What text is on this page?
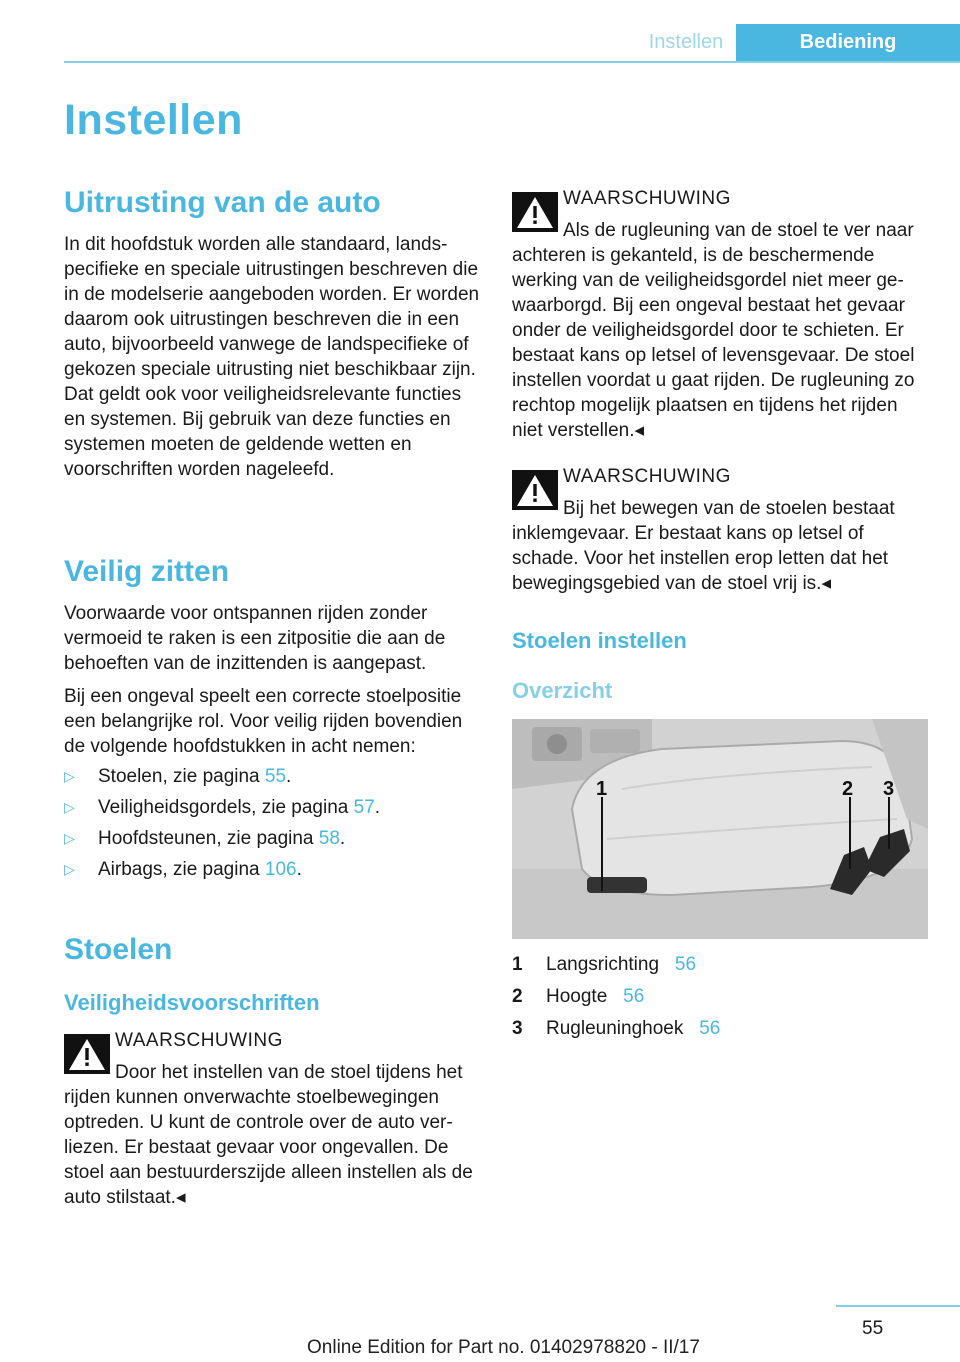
Instellen	Bediening
Instellen
Uitrusting van de auto

In dit hoofdstuk worden alle standaard, landspecifieke en speciale uitrustingen beschreven die in de modelserie aangeboden worden. Er worden daarom ook uitrustingen beschreven die in een auto, bijvoorbeeld vanwege de landspecifieke of gekozen speciale uitrusting niet beschikbaar zijn. Dat geldt ook voor veiligheidsrelevante functies en systemen. Bij gebruik van deze functies en systemen moeten de geldende wetten en voorschriften worden nageleefd.

Veilig zitten

Voorwaarde voor ontspannen rijden zonder vermoeid te raken is een zitpositie die aan de behoeften van de inzittenden is aangepast.

Bij een ongeval speelt een correcte stoelpositie een belangrijke rol. Voor veilig rijden bovendien de volgende hoofdstukken in acht nemen:

▷ Stoelen, zie pagina 55.
▷ Veiligheidsgordels, zie pagina 57.
▷ Hoofdsteunen, zie pagina 58.
▷ Airbags, zie pagina 106.
Stoelen
Veiligheidsvoorschriften
WAARSCHUWING

Door het instellen van de stoel tijdens het rijden kunnen onverwachte stoelbewegingen optreden. U kunt de controle over de auto verliezen. Er bestaat gevaar voor ongevallen. De stoel aan bestuurderszijde alleen instellen als de auto stilstaat.◂

WAARSCHUWING

Als de rugleuning van de stoel te ver naar achteren is gekanteld, is de beschermende werking van de veiligheidsgordel niet meer gewaarborgd. Bij een ongeval bestaat het gevaar onder de veiligheidsgordel door te schieten. Er bestaat kans op letsel of levensgevaar. De stoel instellen voordat u gaat rijden. De rugleuning zo rechtop mogelijk plaatsen en tijdens het rijden niet verstellen.◂

WAARSCHUWING

Bij het bewegen van de stoelen bestaat inklemgevaar. Er bestaat kans op letsel of schade. Voor het instellen erop letten dat het bewegingsgebied van de stoel vrij is.◂

Stoelen instellen
Overzicht
1	2 3
1 Langsrichting 56
2 Hoogte 56
3 Rugleuninghoek 56
55
Online Edition for Part no. 01402978820 - II/17
